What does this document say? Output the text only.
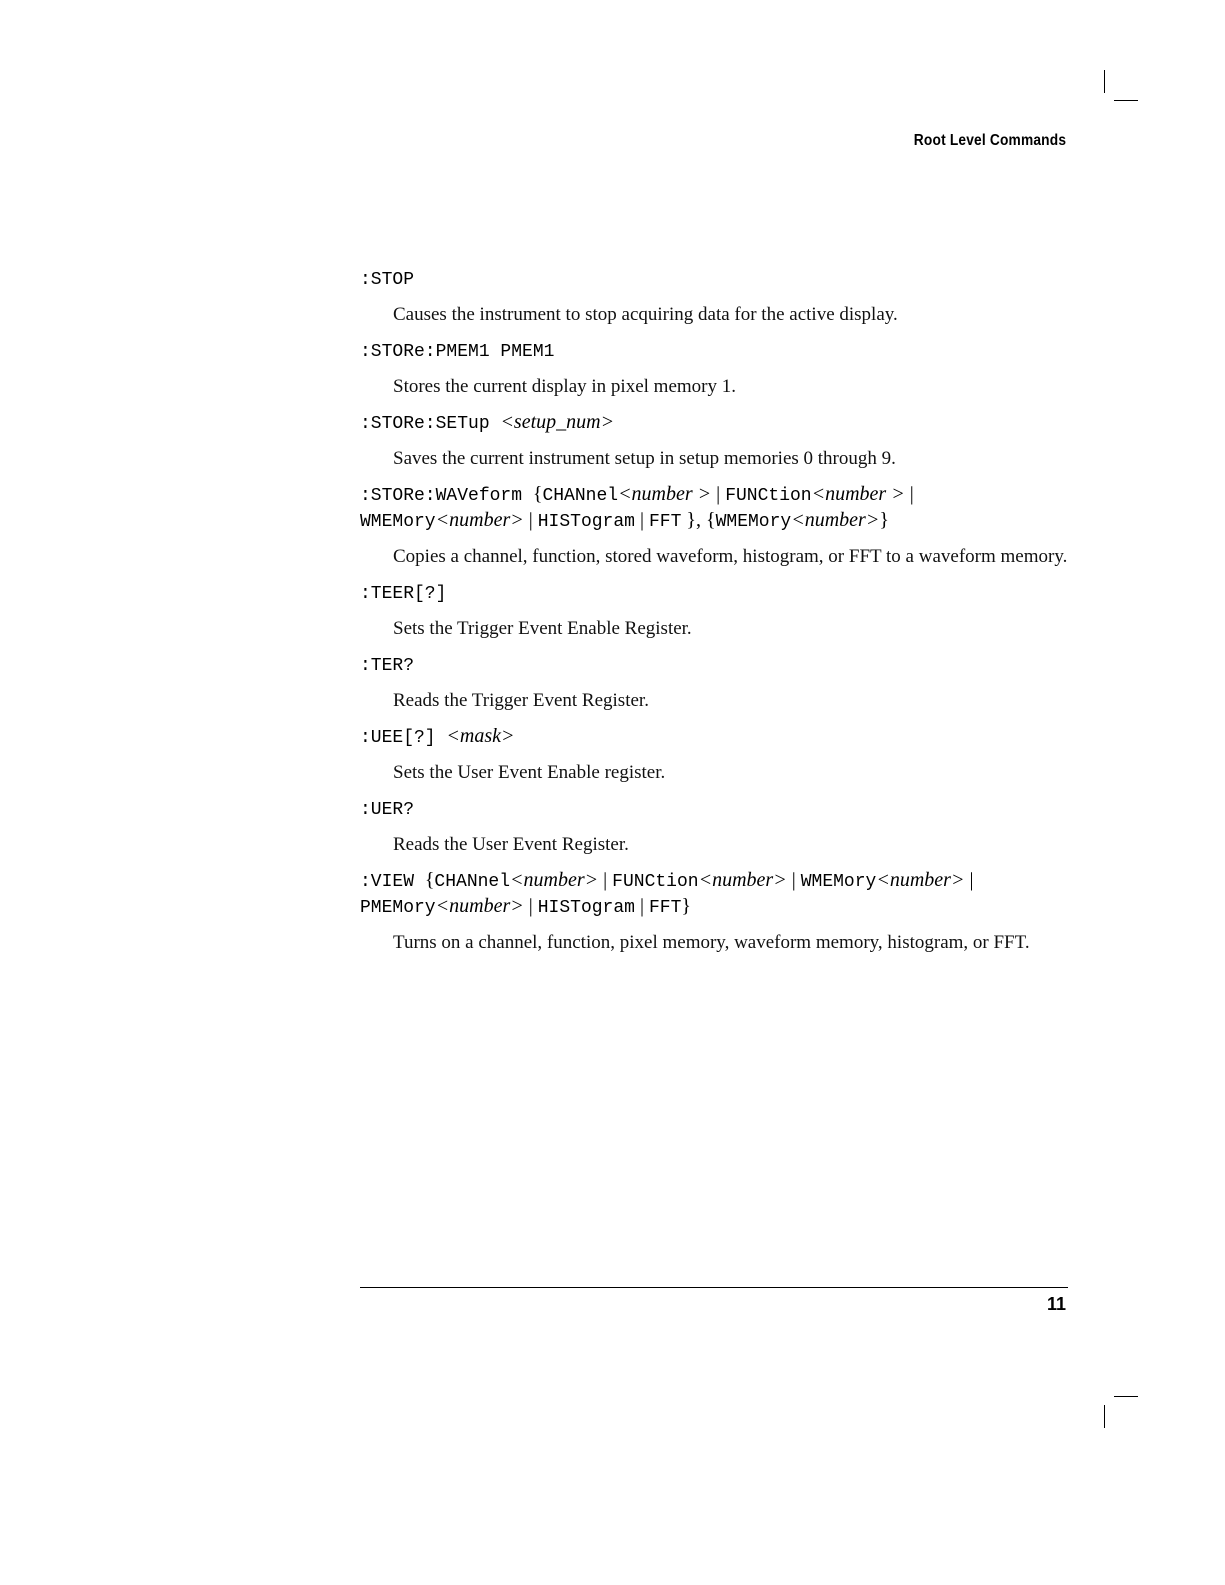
Root Level Commands

:STOP

Causes the instrument to stop acquiring data for the active display.

:STORe:PMEM1 PMEM1

Stores the current display in pixel memory 1.

:STORe:SETup <setup_num>

Saves the current instrument setup in setup memories 0 through 9.

:STORe:WAVeform {CHANnel<number > | FUNCtion<number > |

WMEMory<number> | HISTogram | FFT }, {WMEMory<number>}

Copies a channel, function, stored waveform, histogram, or FFT to a waveform memory.

:TEER[?]

Sets the Trigger Event Enable Register.

:TER?

Reads the Trigger Event Register.

:UEE[?] <mask>

Sets the User Event Enable register.

:UER?

Reads the User Event Register.

:VIEW {CHANnel<number> | FUNCtion<number> | WMEMory<number> |

PMEMory<number> | HISTogram | FFT}

Turns on a channel, function, pixel memory, waveform memory, histogram, or FFT.

11
